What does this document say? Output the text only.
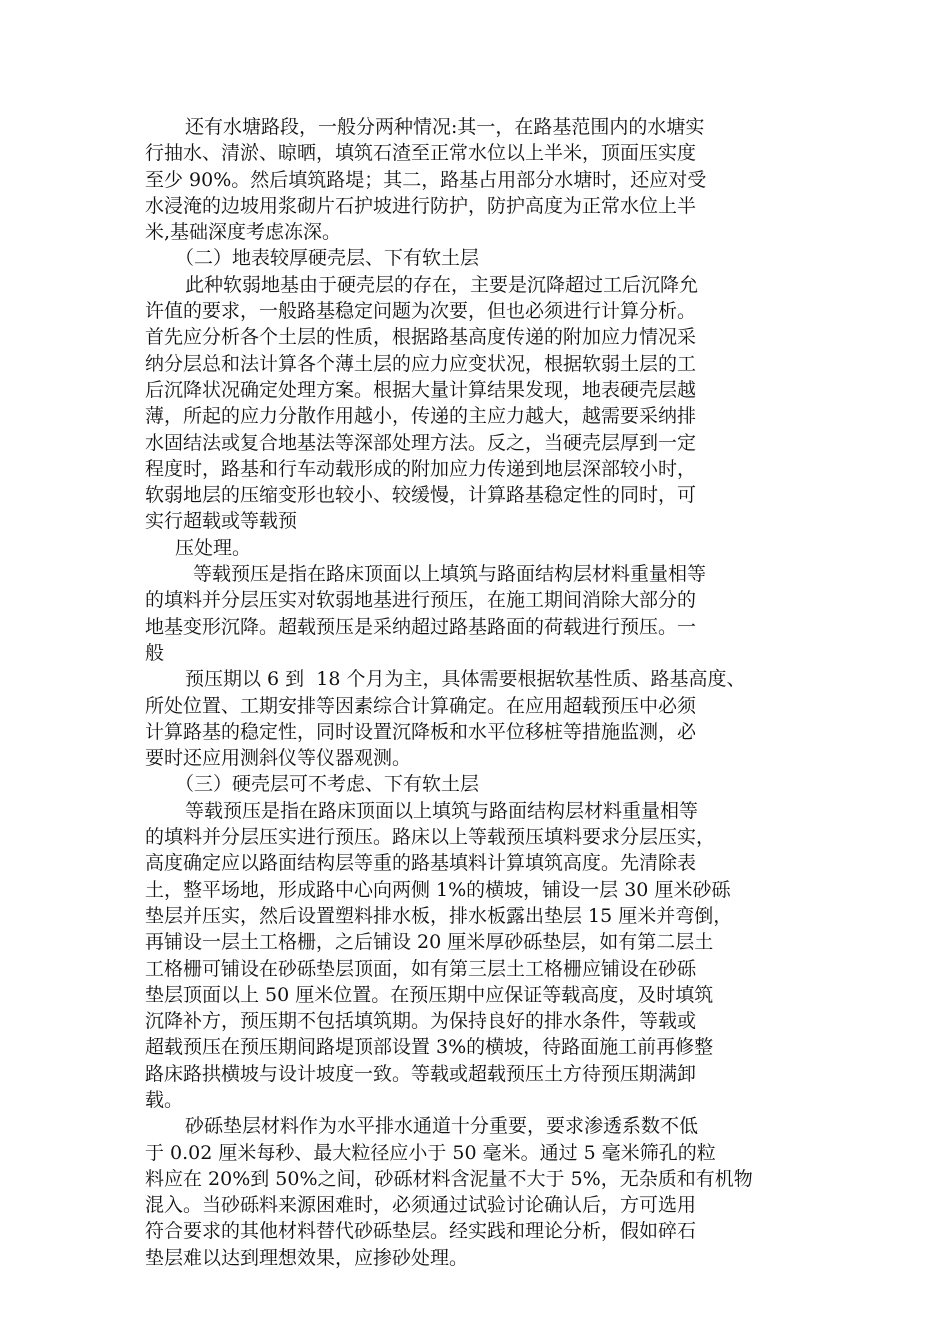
还有水塘路段，一般分两种情况:其一，在路基范围内的水塘实
行抽水、清淤、晾晒，填筑石渣至正常水位以上半米，顶面压实度
至少 90%。然后填筑路堤；其二，路基占用部分水塘时，还应对受
水浸淹的边坡用浆砌片石护坡进行防护，防护高度为正常水位上半
米,基础深度考虑冻深。
（二）地表较厚硬壳层、下有软土层
此种软弱地基由于硬壳层的存在，主要是沉降超过工后沉降允
许值的要求，一般路基稳定问题为次要，但也必须进行计算分析。
首先应分析各个土层的性质，根据路基高度传递的附加应力情况采
纳分层总和法计算各个薄土层的应力应变状况，根据软弱土层的工
后沉降状况确定处理方案。根据大量计算结果发现，地表硬壳层越
薄，所起的应力分散作用越小，传递的主应力越大，越需要采纳排
水固结法或复合地基法等深部处理方法。反之，当硬壳层厚到一定
程度时，路基和行车动载形成的附加应力传递到地层深部较小时，
软弱地层的压缩变形也较小、较缓慢，计算路基稳定性的同时，可
实行超载或等载预
压处理。
等载预压是指在路床顶面以上填筑与路面结构层材料重量相等
的填料并分层压实对软弱地基进行预压，在施工期间消除大部分的
地基变形沉降。超载预压是采纳超过路基路面的荷载进行预压。一
般
预压期以 6 到  18 个月为主，具体需要根据软基性质、路基高度、
所处位置、工期安排等因素综合计算确定。在应用超载预压中必须
计算路基的稳定性，同时设置沉降板和水平位移桩等措施监测，必
要时还应用测斜仪等仪器观测。
（三）硬壳层可不考虑、下有软土层
等载预压是指在路床顶面以上填筑与路面结构层材料重量相等
的填料并分层压实进行预压。路床以上等载预压填料要求分层压实，
高度确定应以路面结构层等重的路基填料计算填筑高度。先清除表
土，整平场地，形成路中心向两侧 1%的横坡，铺设一层 30 厘米砂砾
垫层并压实，然后设置塑料排水板，排水板露出垫层 15 厘米并弯倒，
再铺设一层土工格栅，之后铺设 20 厘米厚砂砾垫层，如有第二层土
工格栅可铺设在砂砾垫层顶面，如有第三层土工格栅应铺设在砂砾
垫层顶面以上 50 厘米位置。在预压期中应保证等载高度，及时填筑
沉降补方，预压期不包括填筑期。为保持良好的排水条件，等载或
超载预压在预压期间路堤顶部设置 3%的横坡，待路面施工前再修整
路床路拱横坡与设计坡度一致。等载或超载预压土方待预压期满卸
载。
砂砾垫层材料作为水平排水通道十分重要，要求渗透系数不低
于 0.02 厘米每秒、最大粒径应小于 50 毫米。通过 5 毫米筛孔的粒
料应在 20%到 50%之间，砂砾材料含泥量不大于 5%，无杂质和有机物
混入。当砂砾料来源困难时，必须通过试验讨论确认后，方可选用
符合要求的其他材料替代砂砾垫层。经实践和理论分析，假如碎石
垫层难以达到理想效果，应掺砂处理。
